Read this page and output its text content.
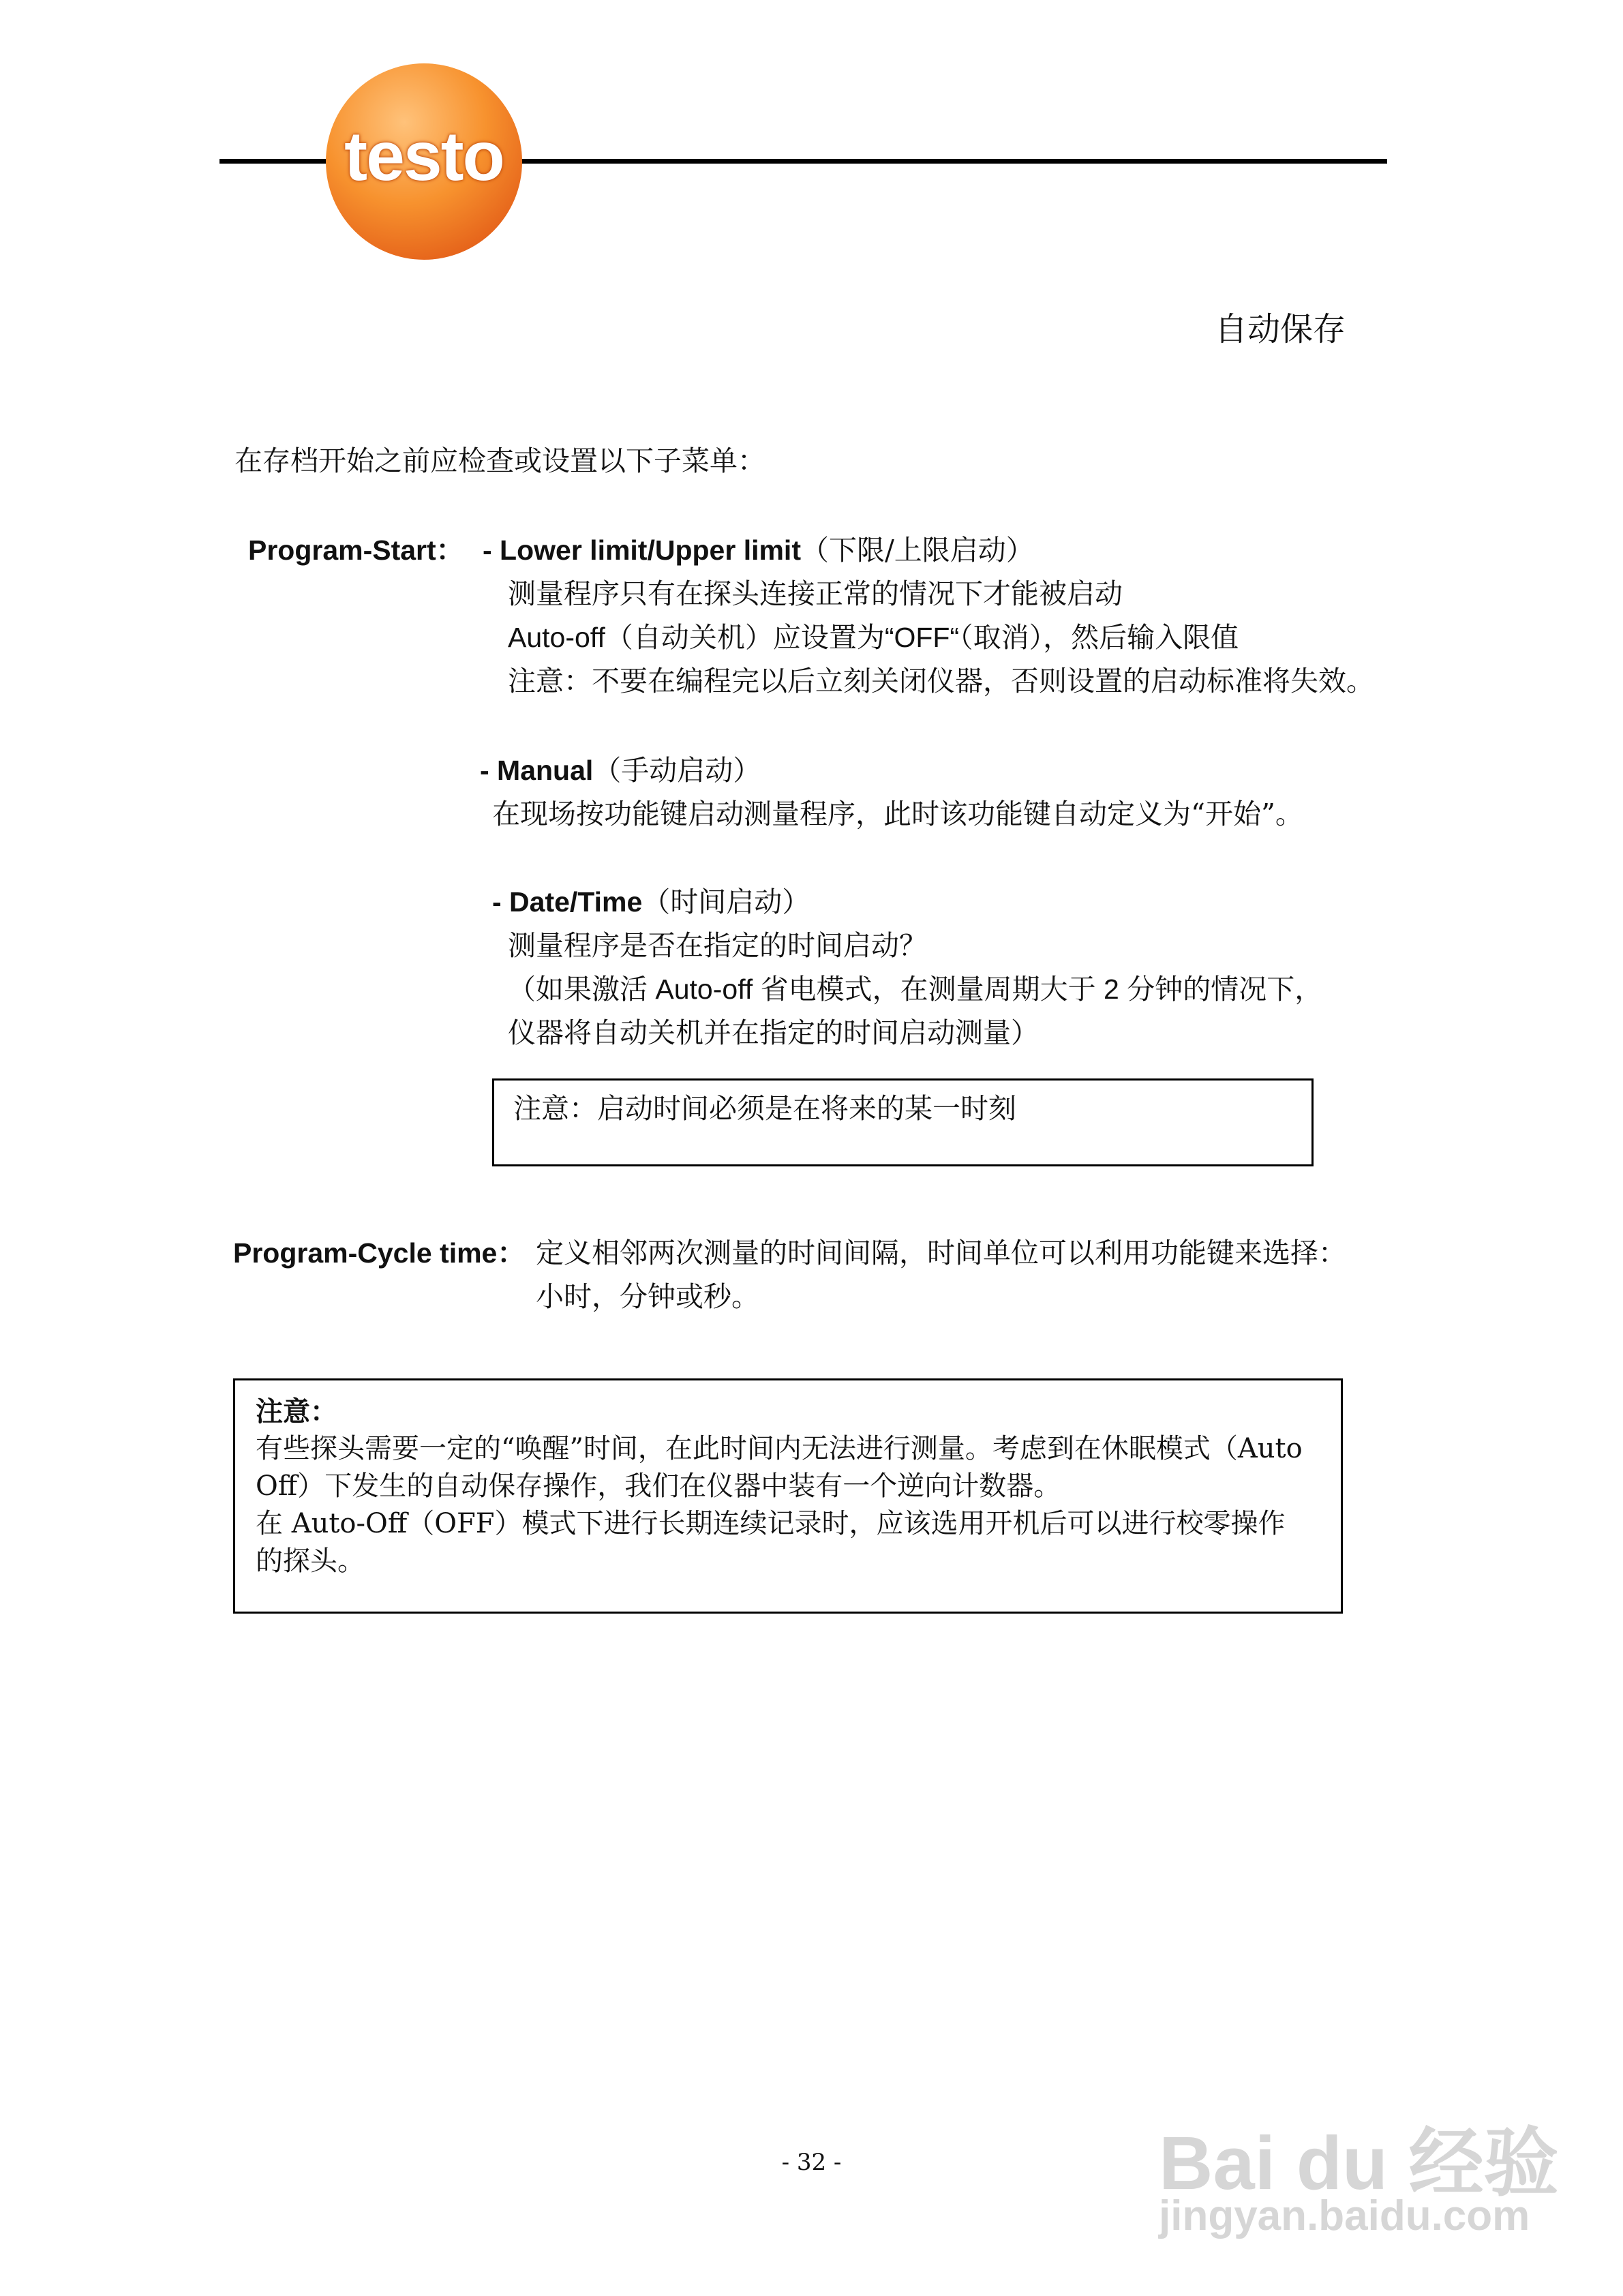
testo
自动保存
在存档开始之前应检查或设置以下子菜单：
Program-Start： - Lower limit/Upper limit（下限/上限启动）
测量程序只有在探头连接正常的情况下才能被启动
Auto-off（自动关机）应设置为“OFF“（取消），然后输入限值
注意：不要在编程完以后立刻关闭仪器，否则设置的启动标准将失效。
- Manual（手动启动）
在现场按功能键启动测量程序，此时该功能键自动定义为“开始”。
- Date/Time（时间启动）
测量程序是否在指定的时间启动？
（如果激活 Auto-off 省电模式，在测量周期大于 2 分钟的情况下，
仪器将自动关机并在指定的时间启动测量）
注意：启动时间必须是在将来的某一时刻
Program-Cycle time： 定义相邻两次测量的时间间隔，时间单位可以利用功能键来选择：
小时，分钟或秒。
注意：
有些探头需要一定的“唤醒”时间，在此时间内无法进行测量。考虑到在休眠模式（Auto
Off）下发生的自动保存操作，我们在仪器中装有一个逆向计数器。
在 Auto-Off（OFF）模式下进行长期连续记录时，应该选用开机后可以进行校零操作
的探头。
- 32 -	Bai du 经验
jingyan.baidu.com
